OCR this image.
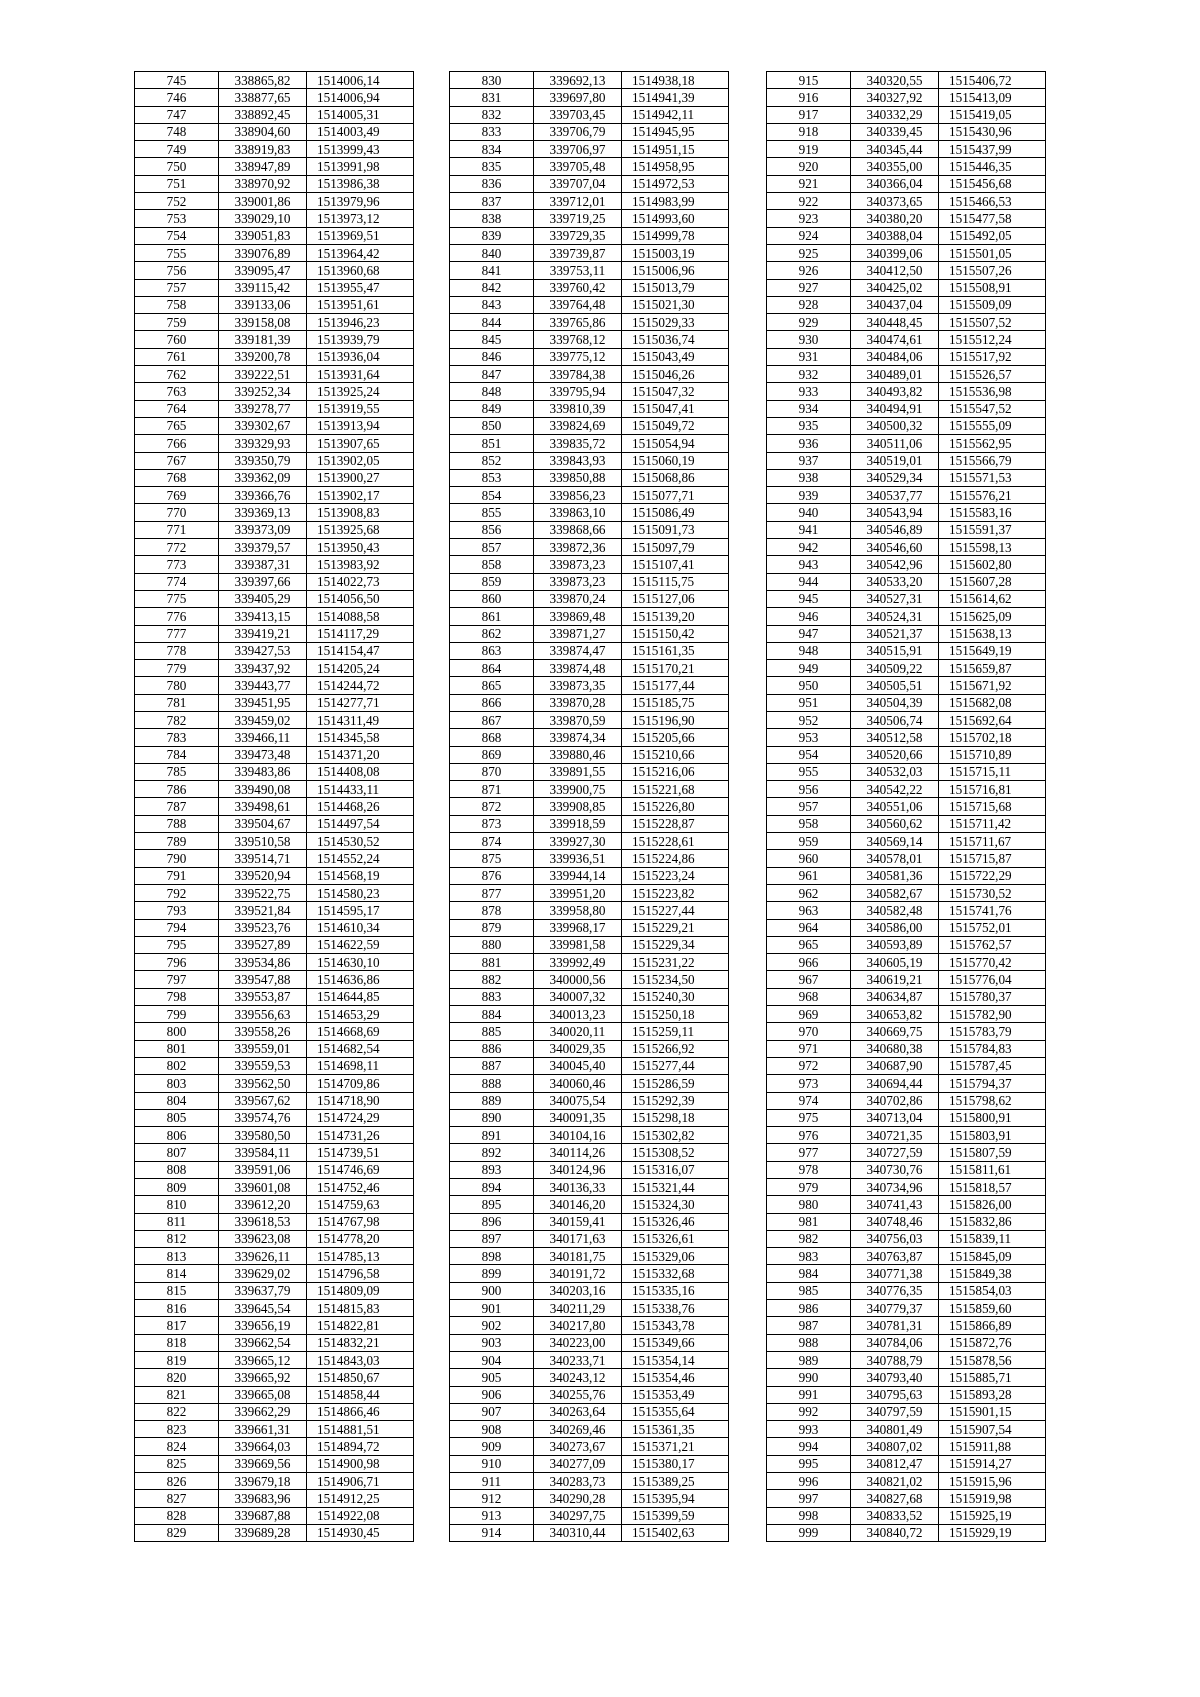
745	338865,82	1514006,14
746	338877,65	1514006,94
747	338892,45	1514005,31
748	338904,60	1514003,49
749	338919,83	1513999,43
750	338947,89	1513991,98
751	338970,92	1513986,38
752	339001,86	1513979,96
753	339029,10	1513973,12
754	339051,83	1513969,51
755	339076,89	1513964,42
756	339095,47	1513960,68
757	339115,42	1513955,47
758	339133,06	1513951,61
759	339158,08	1513946,23
760	339181,39	1513939,79
761	339200,78	1513936,04
762	339222,51	1513931,64
763	339252,34	1513925,24
764	339278,77	1513919,55
765	339302,67	1513913,94
766	339329,93	1513907,65
767	339350,79	1513902,05
768	339362,09	1513900,27
769	339366,76	1513902,17
770	339369,13	1513908,83
771	339373,09	1513925,68
772	339379,57	1513950,43
773	339387,31	1513983,92
774	339397,66	1514022,73
775	339405,29	1514056,50
776	339413,15	1514088,58
777	339419,21	1514117,29
778	339427,53	1514154,47
779	339437,92	1514205,24
780	339443,77	1514244,72
781	339451,95	1514277,71
782	339459,02	1514311,49
783	339466,11	1514345,58
784	339473,48	1514371,20
785	339483,86	1514408,08
786	339490,08	1514433,11
787	339498,61	1514468,26
788	339504,67	1514497,54
789	339510,58	1514530,52
790	339514,71	1514552,24
791	339520,94	1514568,19
792	339522,75	1514580,23
793	339521,84	1514595,17
794	339523,76	1514610,34
795	339527,89	1514622,59
796	339534,86	1514630,10
797	339547,88	1514636,86
798	339553,87	1514644,85
799	339556,63	1514653,29
800	339558,26	1514668,69
801	339559,01	1514682,54
802	339559,53	1514698,11
803	339562,50	1514709,86
804	339567,62	1514718,90
805	339574,76	1514724,29
806	339580,50	1514731,26
807	339584,11	1514739,51
808	339591,06	1514746,69
809	339601,08	1514752,46
810	339612,20	1514759,63
811	339618,53	1514767,98
812	339623,08	1514778,20
813	339626,11	1514785,13
814	339629,02	1514796,58
815	339637,79	1514809,09
816	339645,54	1514815,83
817	339656,19	1514822,81
818	339662,54	1514832,21
819	339665,12	1514843,03
820	339665,92	1514850,67
821	339665,08	1514858,44
822	339662,29	1514866,46
823	339661,31	1514881,51
824	339664,03	1514894,72
825	339669,56	1514900,98
826	339679,18	1514906,71
827	339683,96	1514912,25
828	339687,88	1514922,08
829	339689,28	1514930,45
830	339692,13	1514938,18
831	339697,80	1514941,39
832	339703,45	1514942,11
833	339706,79	1514945,95
834	339706,97	1514951,15
835	339705,48	1514958,95
836	339707,04	1514972,53
837	339712,01	1514983,99
838	339719,25	1514993,60
839	339729,35	1514999,78
840	339739,87	1515003,19
841	339753,11	1515006,96
842	339760,42	1515013,79
843	339764,48	1515021,30
844	339765,86	1515029,33
845	339768,12	1515036,74
846	339775,12	1515043,49
847	339784,38	1515046,26
848	339795,94	1515047,32
849	339810,39	1515047,41
850	339824,69	1515049,72
851	339835,72	1515054,94
852	339843,93	1515060,19
853	339850,88	1515068,86
854	339856,23	1515077,71
855	339863,10	1515086,49
856	339868,66	1515091,73
857	339872,36	1515097,79
858	339873,23	1515107,41
859	339873,23	1515115,75
860	339870,24	1515127,06
861	339869,48	1515139,20
862	339871,27	1515150,42
863	339874,47	1515161,35
864	339874,48	1515170,21
865	339873,35	1515177,44
866	339870,28	1515185,75
867	339870,59	1515196,90
868	339874,34	1515205,66
869	339880,46	1515210,66
870	339891,55	1515216,06
871	339900,75	1515221,68
872	339908,85	1515226,80
873	339918,59	1515228,87
874	339927,30	1515228,61
875	339936,51	1515224,86
876	339944,14	1515223,24
877	339951,20	1515223,82
878	339958,80	1515227,44
879	339968,17	1515229,21
880	339981,58	1515229,34
881	339992,49	1515231,22
882	340000,56	1515234,50
883	340007,32	1515240,30
884	340013,23	1515250,18
885	340020,11	1515259,11
886	340029,35	1515266,92
887	340045,40	1515277,44
888	340060,46	1515286,59
889	340075,54	1515292,39
890	340091,35	1515298,18
891	340104,16	1515302,82
892	340114,26	1515308,52
893	340124,96	1515316,07
894	340136,33	1515321,44
895	340146,20	1515324,30
896	340159,41	1515326,46
897	340171,63	1515326,61
898	340181,75	1515329,06
899	340191,72	1515332,68
900	340203,16	1515335,16
901	340211,29	1515338,76
902	340217,80	1515343,78
903	340223,00	1515349,66
904	340233,71	1515354,14
905	340243,12	1515354,46
906	340255,76	1515353,49
907	340263,64	1515355,64
908	340269,46	1515361,35
909	340273,67	1515371,21
910	340277,09	1515380,17
911	340283,73	1515389,25
912	340290,28	1515395,94
913	340297,75	1515399,59
914	340310,44	1515402,63
915	340320,55	1515406,72
916	340327,92	1515413,09
917	340332,29	1515419,05
918	340339,45	1515430,96
919	340345,44	1515437,99
920	340355,00	1515446,35
921	340366,04	1515456,68
922	340373,65	1515466,53
923	340380,20	1515477,58
924	340388,04	1515492,05
925	340399,06	1515501,05
926	340412,50	1515507,26
927	340425,02	1515508,91
928	340437,04	1515509,09
929	340448,45	1515507,52
930	340474,61	1515512,24
931	340484,06	1515517,92
932	340489,01	1515526,57
933	340493,82	1515536,98
934	340494,91	1515547,52
935	340500,32	1515555,09
936	340511,06	1515562,95
937	340519,01	1515566,79
938	340529,34	1515571,53
939	340537,77	1515576,21
940	340543,94	1515583,16
941	340546,89	1515591,37
942	340546,60	1515598,13
943	340542,96	1515602,80
944	340533,20	1515607,28
945	340527,31	1515614,62
946	340524,31	1515625,09
947	340521,37	1515638,13
948	340515,91	1515649,19
949	340509,22	1515659,87
950	340505,51	1515671,92
951	340504,39	1515682,08
952	340506,74	1515692,64
953	340512,58	1515702,18
954	340520,66	1515710,89
955	340532,03	1515715,11
956	340542,22	1515716,81
957	340551,06	1515715,68
958	340560,62	1515711,42
959	340569,14	1515711,67
960	340578,01	1515715,87
961	340581,36	1515722,29
962	340582,67	1515730,52
963	340582,48	1515741,76
964	340586,00	1515752,01
965	340593,89	1515762,57
966	340605,19	1515770,42
967	340619,21	1515776,04
968	340634,87	1515780,37
969	340653,82	1515782,90
970	340669,75	1515783,79
971	340680,38	1515784,83
972	340687,90	1515787,45
973	340694,44	1515794,37
974	340702,86	1515798,62
975	340713,04	1515800,91
976	340721,35	1515803,91
977	340727,59	1515807,59
978	340730,76	1515811,61
979	340734,96	1515818,57
980	340741,43	1515826,00
981	340748,46	1515832,86
982	340756,03	1515839,11
983	340763,87	1515845,09
984	340771,38	1515849,38
985	340776,35	1515854,03
986	340779,37	1515859,60
987	340781,31	1515866,89
988	340784,06	1515872,76
989	340788,79	1515878,56
990	340793,40	1515885,71
991	340795,63	1515893,28
992	340797,59	1515901,15
993	340801,49	1515907,54
994	340807,02	1515911,88
995	340812,47	1515914,27
996	340821,02	1515915,96
997	340827,68	1515919,98
998	340833,52	1515925,19
999	340840,72	1515929,19
